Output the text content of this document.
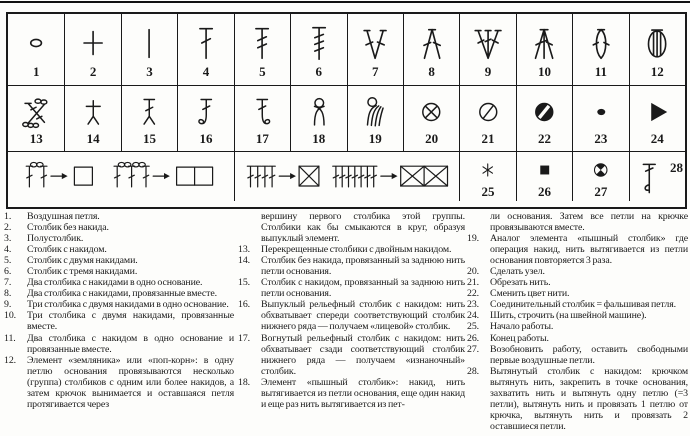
1	2	3	4	5	6	7	8	9	10	11	12
13	14	15	16	17	18	19	20	21	22	23	24
25	26	27
28
1.	Воздушная петля.
2.	Столбик без накида.
3.	Полустолбик.
4.	Столбик с накидом.
5.	Столбик с двумя накидами.
6.	Столбик с тремя накидами.
7.	Два столбика с накидами в одно основание.
8.	Два столбика с накидами, провязанные вместе.
9.	Три столбика с двумя накидами в одно основание.
10.	Три столбика с двумя накидами, провязанные вместе.
11.	Два столбика с накидом в одно основание и провязанные вместе.
12.	Элемент «земляника» или «поп-корн»: в одну петлю основания провязываются несколько (группа) столбиков с одним или более накидов, а затем крючок вынимается и оставшаяся петля протягивается через
вершину первого столбика этой группы. Столбики как бы смыкаются в круг, образуя выпуклый элемент.
13.	Перекрещенные столбики с двойным накидом.
14.	Столбик без накида, провязанный за заднюю нить петли основания.
15.	Столбик с накидом, провязанный за заднюю нить петли основания.
16.	Выпуклый рельефный столбик с накидом: нить обхватывает спереди соответствующий столбик нижнего ряда — получаем «лицевой» столбик.
17.	Вогнутый рельефный столбик с накидом: нить обхватывает сзади соответствующий столбик нижнего ряда — получаем «изнаночный» столбик.
18.	Элемент «пышный столбик»: накид, нить вытягивается из петли основания, еще один накид и еще раз нить вытягивается из пет-
ли основания. Затем все петли на крючке провязываются вместе.
19.	Аналог элемента «пышный столбик» где операция накид, нить вытягивается из петли основания повторяется 3 раза.
20.	Сделать узел.
21.	Обрезать нить.
22.	Сменить цвет нити.
23.	Соединительный столбик = фальшивая петля.
24.	Шить, строчить (на швейной машине).
25.	Начало работы.
26.	Конец работы.
27.	Возобновить работу, оставить свободными первые воздушные петли.
28.	Вытянутый столбик с накидом: крючком вытянуть нить, закрепить в точке основания, захватить нить и вытянуть одну петлю (=3 петли), вытянуть нить и провязать 1 петлю от крючка, вытянуть нить и провязать 2 оставшиеся петли.
